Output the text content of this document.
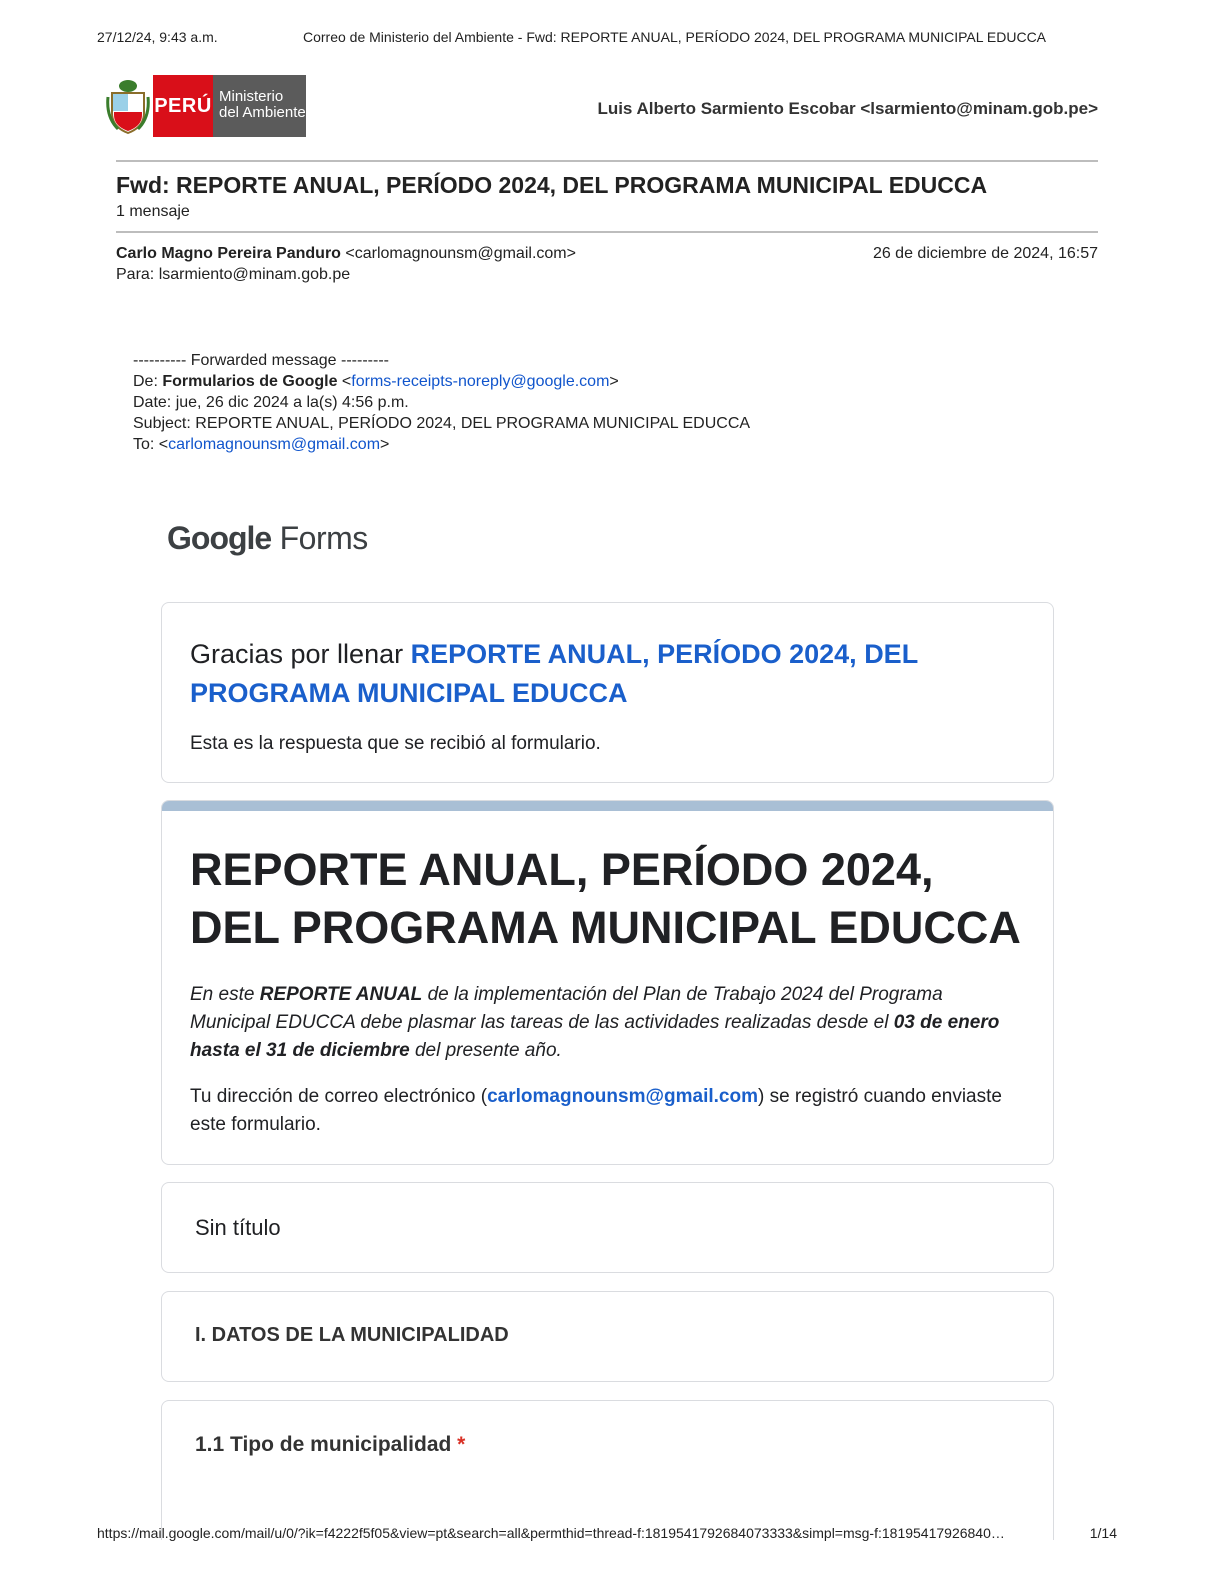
27/12/24, 9:43 a.m.	Correo de Ministerio del Ambiente - Fwd: REPORTE ANUAL, PERÍODO 2024, DEL PROGRAMA MUNICIPAL EDUCCA
PERÚ Ministerio
del Ambiente	Luis Alberto Sarmiento Escobar <lsarmiento@minam.gob.pe>
Fwd: REPORTE ANUAL, PERÍODO 2024, DEL PROGRAMA MUNICIPAL EDUCCA
1 mensaje
Carlo Magno Pereira Panduro <carlomagnounsm@gmail.com>
Para: lsarmiento@minam.gob.pe
26 de diciembre de 2024, 16:57
---------- Forwarded message ---------
De: Formularios de Google <forms-receipts-noreply@google.com>
Date: jue, 26 dic 2024 a la(s) 4:56 p.m.
Subject: REPORTE ANUAL, PERÍODO 2024, DEL PROGRAMA MUNICIPAL EDUCCA
To: <carlomagnounsm@gmail.com>
Google Forms
Gracias por llenar REPORTE ANUAL, PERÍODO 2024, DEL PROGRAMA MUNICIPAL EDUCCA
Esta es la respuesta que se recibió al formulario.
REPORTE ANUAL, PERÍODO 2024, DEL PROGRAMA MUNICIPAL EDUCCA
En este REPORTE ANUAL de la implementación del Plan de Trabajo 2024 del Programa Municipal EDUCCA debe plasmar las tareas de las actividades realizadas desde el 03 de enero hasta el 31 de diciembre del presente año.
Tu dirección de correo electrónico (carlomagnounsm@gmail.com) se registró cuando enviaste este formulario.
Sin título
I. DATOS DE LA MUNICIPALIDAD
1.1 Tipo de municipalidad *
https://mail.google.com/mail/u/0/?ik=f4222f5f05&view=pt&search=all&permthid=thread-f:1819541792684073333&simpl=msg-f:18195417926840…	1/14
